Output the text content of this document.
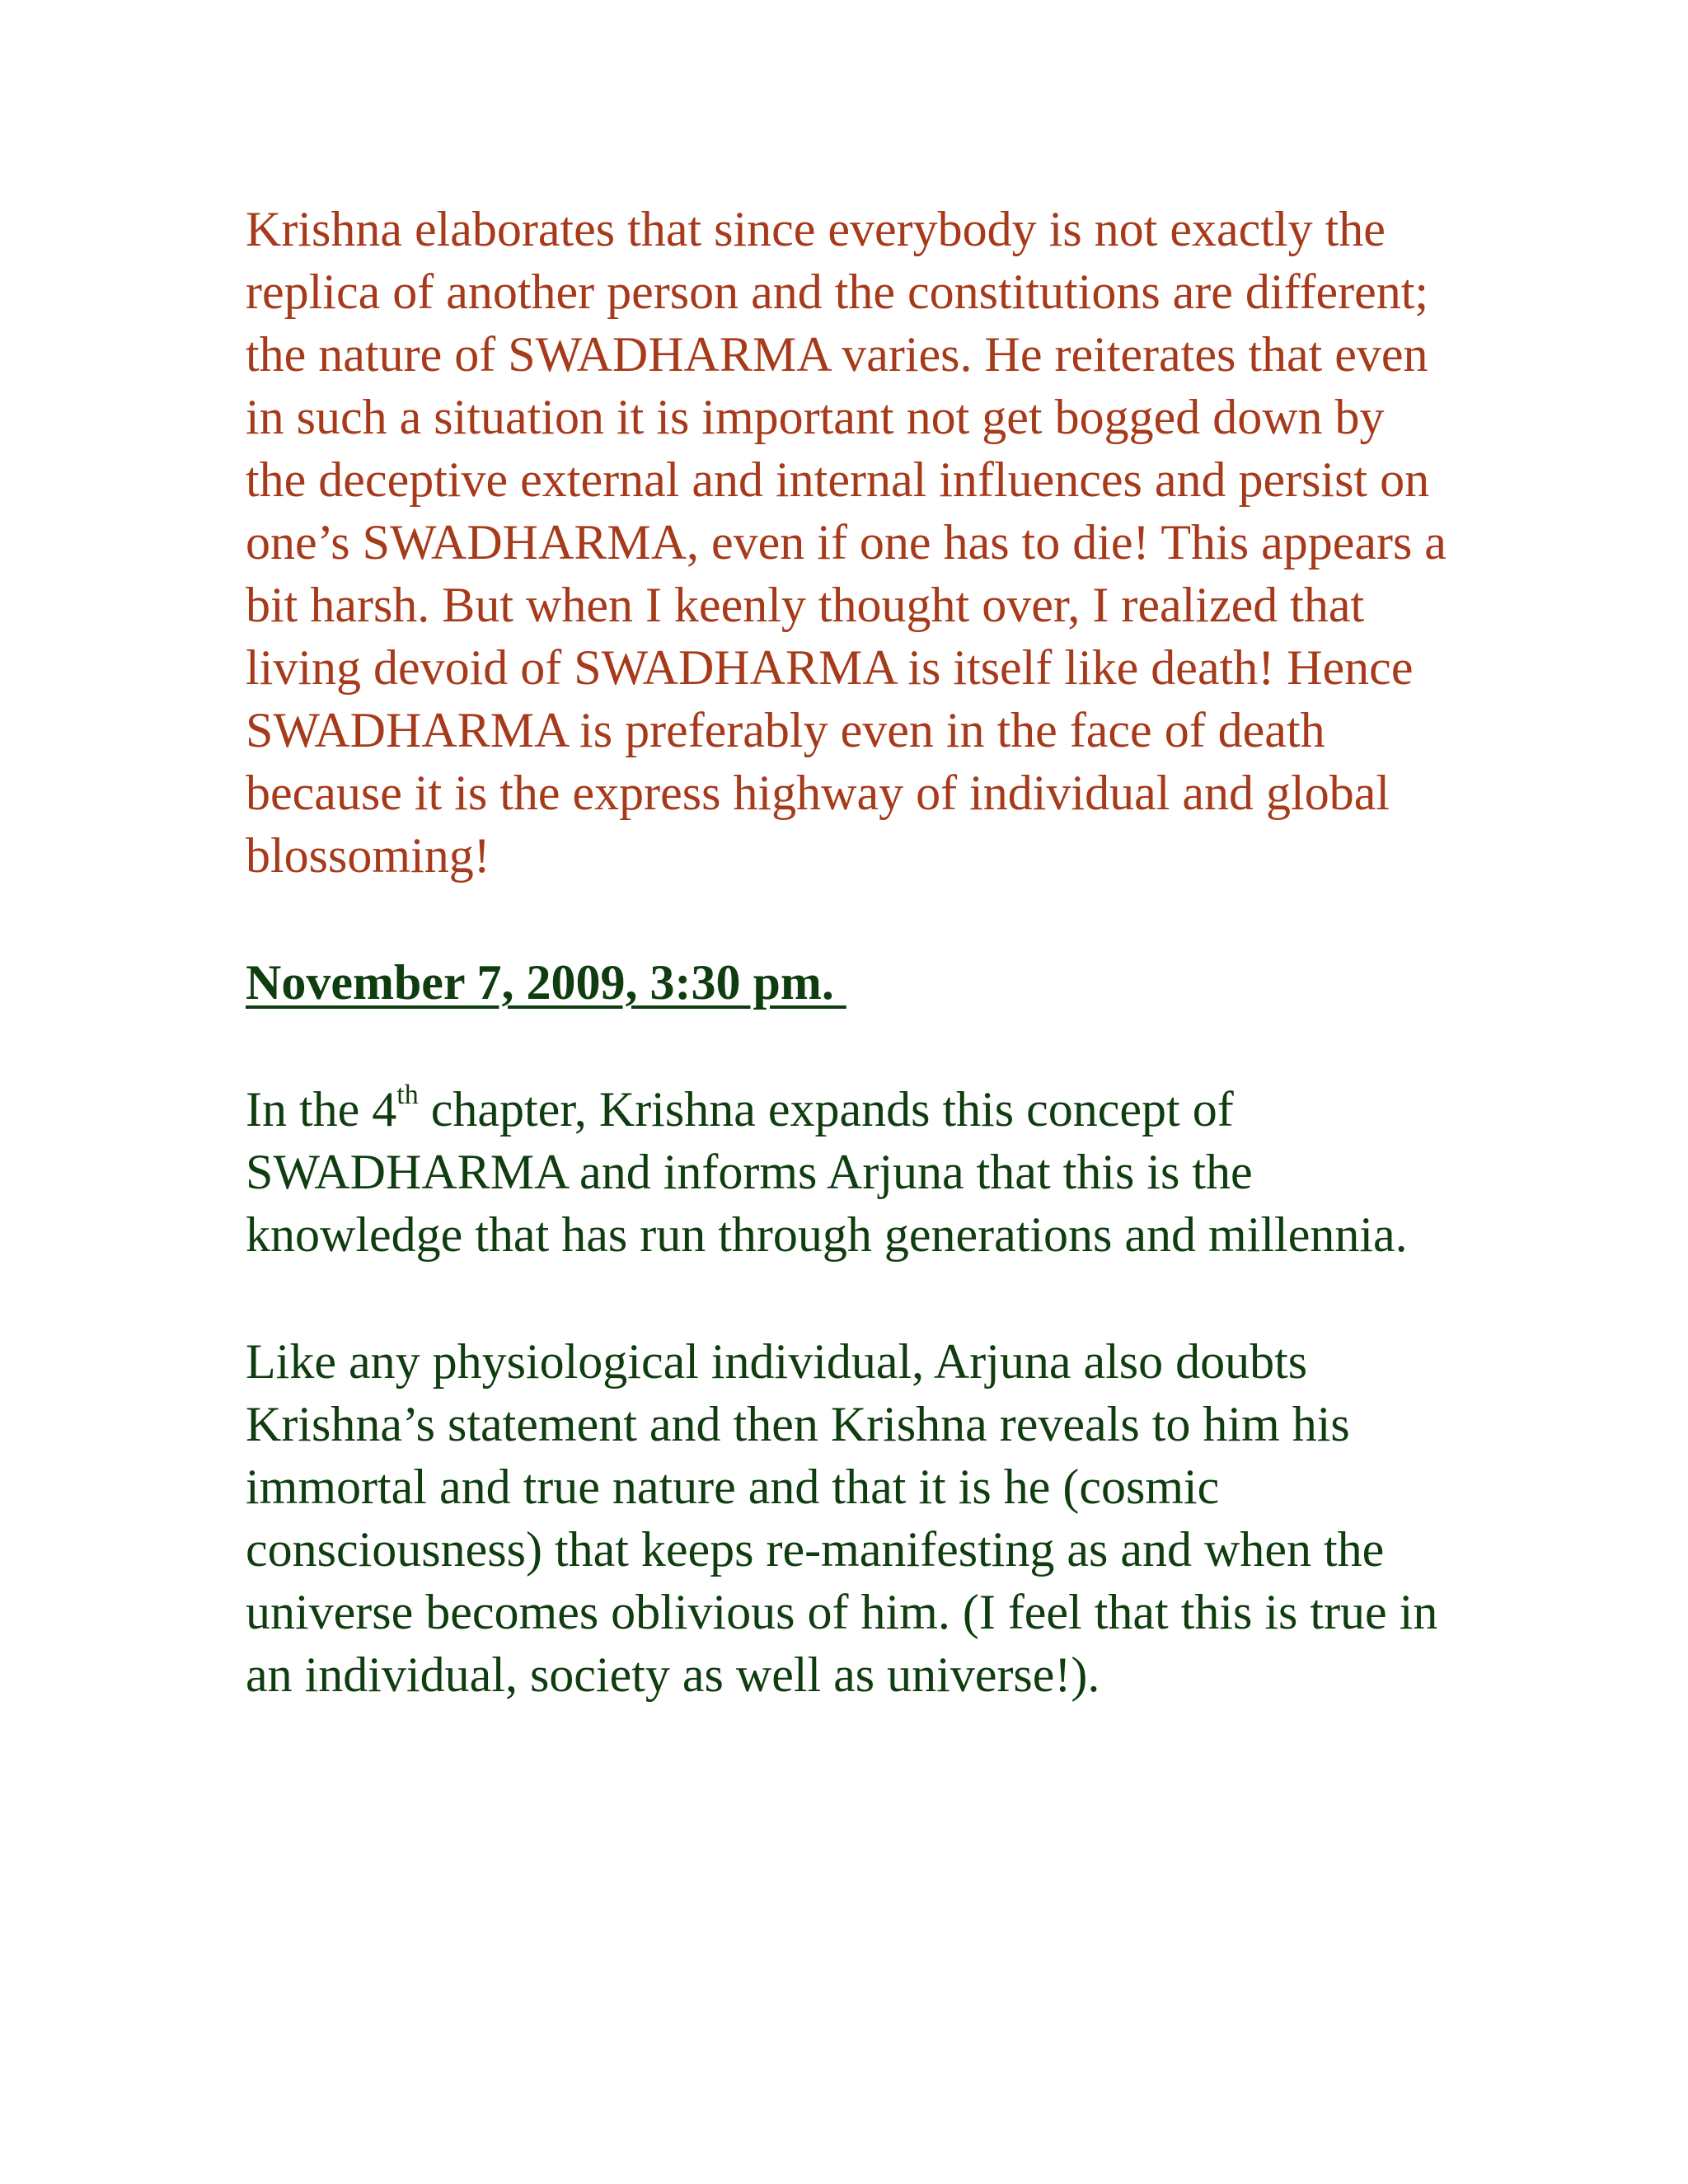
Krishna elaborates that since everybody is not exactly the replica of another person and the constitutions are different; the nature of SWADHARMA varies. He reiterates that even in such a situation it is important not get bogged down by the deceptive external and internal influences and persist on one’s SWADHARMA, even if one has to die! This appears a bit harsh. But when I keenly thought over, I realized that living devoid of SWADHARMA is itself like death! Hence SWADHARMA is preferably even in the face of death because it is the express highway of individual and global blossoming!

November 7, 2009, 3:30 pm.

In the 4th chapter, Krishna expands this concept of SWADHARMA and informs Arjuna that this is the knowledge that has run through generations and millennia.

Like any physiological individual, Arjuna also doubts Krishna’s statement and then Krishna reveals to him his immortal and true nature and that it is he (cosmic consciousness) that keeps re-manifesting as and when the universe becomes oblivious of him. (I feel that this is true in an individual, society as well as universe!).
